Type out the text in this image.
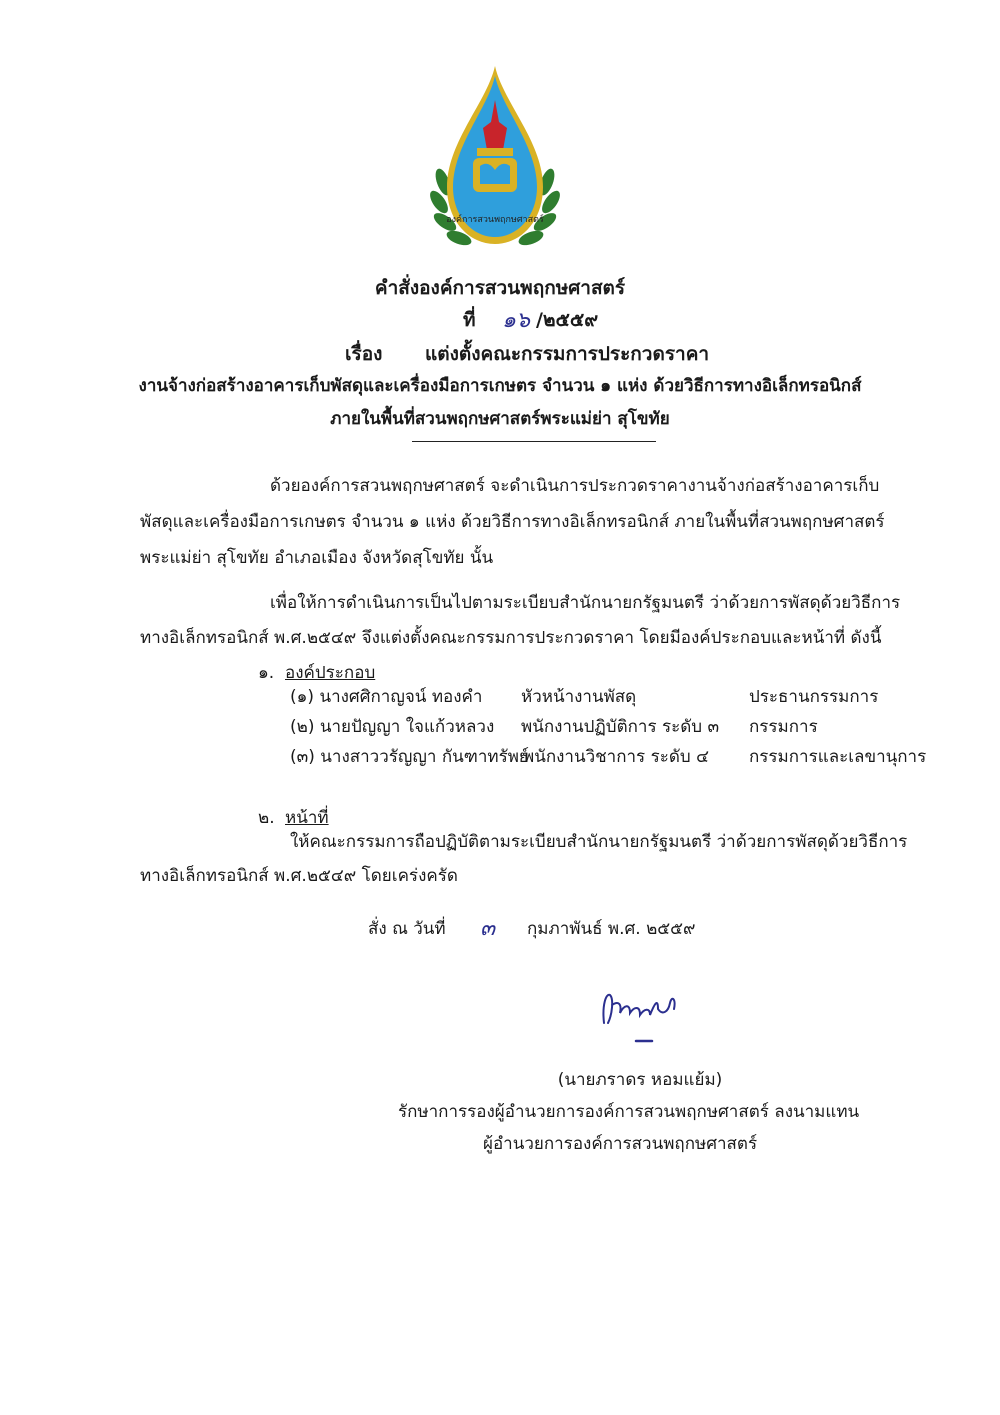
องค์การสวนพฤกษศาสตร์
คำสั่งองค์การสวนพฤกษศาสตร์
ที่ ๑๖ /๒๕๕๙
เรื่อง แต่งตั้งคณะกรรมการประกวดราคา
งานจ้างก่อสร้างอาคารเก็บพัสดุและเครื่องมือการเกษตร จำนวน ๑ แห่ง ด้วยวิธีการทางอิเล็กทรอนิกส์
ภายในพื้นที่สวนพฤกษศาสตร์พระแม่ย่า สุโขทัย
ด้วยองค์การสวนพฤกษศาสตร์ จะดำเนินการประกวดราคางานจ้างก่อสร้างอาคารเก็บ
พัสดุและเครื่องมือการเกษตร จำนวน ๑ แห่ง ด้วยวิธีการทางอิเล็กทรอนิกส์ ภายในพื้นที่สวนพฤกษศาสตร์
พระแม่ย่า สุโขทัย อำเภอเมือง จังหวัดสุโขทัย นั้น
เพื่อให้การดำเนินการเป็นไปตามระเบียบสำนักนายกรัฐมนตรี ว่าด้วยการพัสดุด้วยวิธีการ
ทางอิเล็กทรอนิกส์ พ.ศ.๒๕๔๙ จึงแต่งตั้งคณะกรรมการประกวดราคา โดยมีองค์ประกอบและหน้าที่ ดังนี้
๑. องค์ประกอบ
(๑) นางศศิกาญจน์ ทองคำ หัวหน้างานพัสดุ	ประธานกรรมการ
(๒) นายปัญญา ใจแก้วหลวง พนักงานปฏิบัติการ ระดับ ๓ กรรมการ
(๓) นางสาววรัญญา กันฑาทรัพย์
พนักงานวิชาการ ระดับ ๔ กรรมการและเลขานุการ
๒. หน้าที่
ให้คณะกรรมการถือปฏิบัติตามระเบียบสำนักนายกรัฐมนตรี ว่าด้วยการพัสดุด้วยวิธีการ
ทางอิเล็กทรอนิกส์ พ.ศ.๒๕๔๙ โดยเคร่งครัด
สั่ง ณ วันที่ ๓ กุมภาพันธ์ พ.ศ. ๒๕๕๙
(นายภราดร หอมแย้ม)
รักษาการรองผู้อำนวยการองค์การสวนพฤกษศาสตร์ ลงนามแทน
ผู้อำนวยการองค์การสวนพฤกษศาสตร์
